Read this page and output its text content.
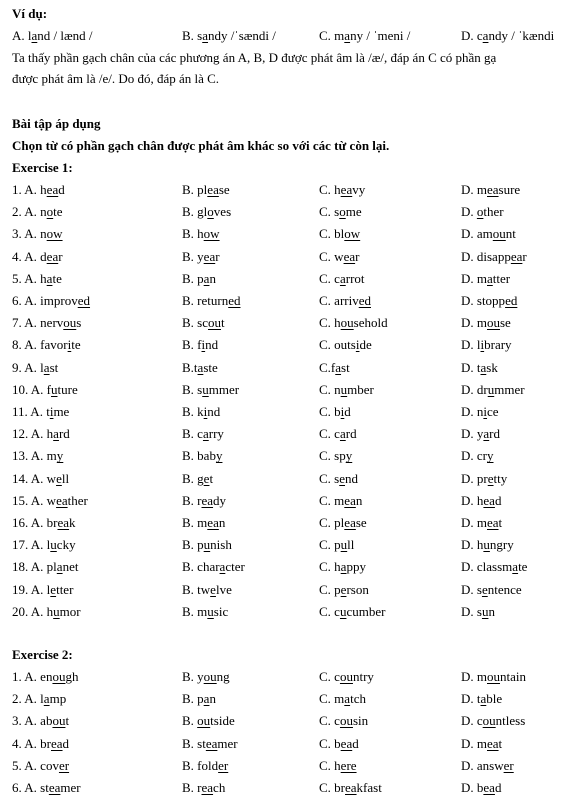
Ví dụ:
A. land / lænd /	B. sandy /ˈsændi /	C. many / ˈmeni /	D. candy / ˈkændi
Ta thấy phần gạch chân của các phương án A, B, D được phát âm là /æ/, đáp án C có phần gạ
được phát âm là /e/. Do đó, đáp án là C.
Bài tập áp dụng
Chọn từ có phần gạch chân được phát âm khác so với các từ còn lại.
Exercise 1:
1. A. head	B. please	C. heavy	D. measure
2. A. note	B. gloves	C. some	D. other
3. A. now	B. how	C. blow	D. amount
4. A. dear	B. year	C. wear	D. disappear
5. A. hate	B. pan	C. carrot	D. matter
6. A. improved	B. returned	C. arrived	D. stopped
7. A. nervous	B. scout	C. household	D. mouse
8. A. favorite	B. find	C. outside	D. library
9. A. last	B.taste	C.fast	D. task
10. A. future	B. summer	C. number	D. drummer
11. A. time	B. kind	C. bid	D. nice
12. A. hard	B. carry	C. card	D. yard
13. A. my	B. baby	C. spy	D. cry
14. A. well	B. get	C. send	D. pretty
15. A. weather	B. ready	C. mean	D. head
16. A. break	B. mean	C. please	D. meat
17. A. lucky	B. punish	C. pull	D. hungry
18. A. planet	B. character	C. happy	D. classmate
19. A. letter	B. twelve	C. person	D. sentence
20. A. humor	B. music	C. cucumber	D. sun
Exercise 2:
1. A. enough	B. young	C. country	D. mountain
2. A. lamp	B. pan	C. match	D. table
3. A. about	B. outside	C. cousin	D. countless
4. A. bread	B. steamer	C. bead	D. meat
5. A. cover	B. folder	C. here	D. answer
6. A. steamer	B. reach	C. breakfast	D. bead
